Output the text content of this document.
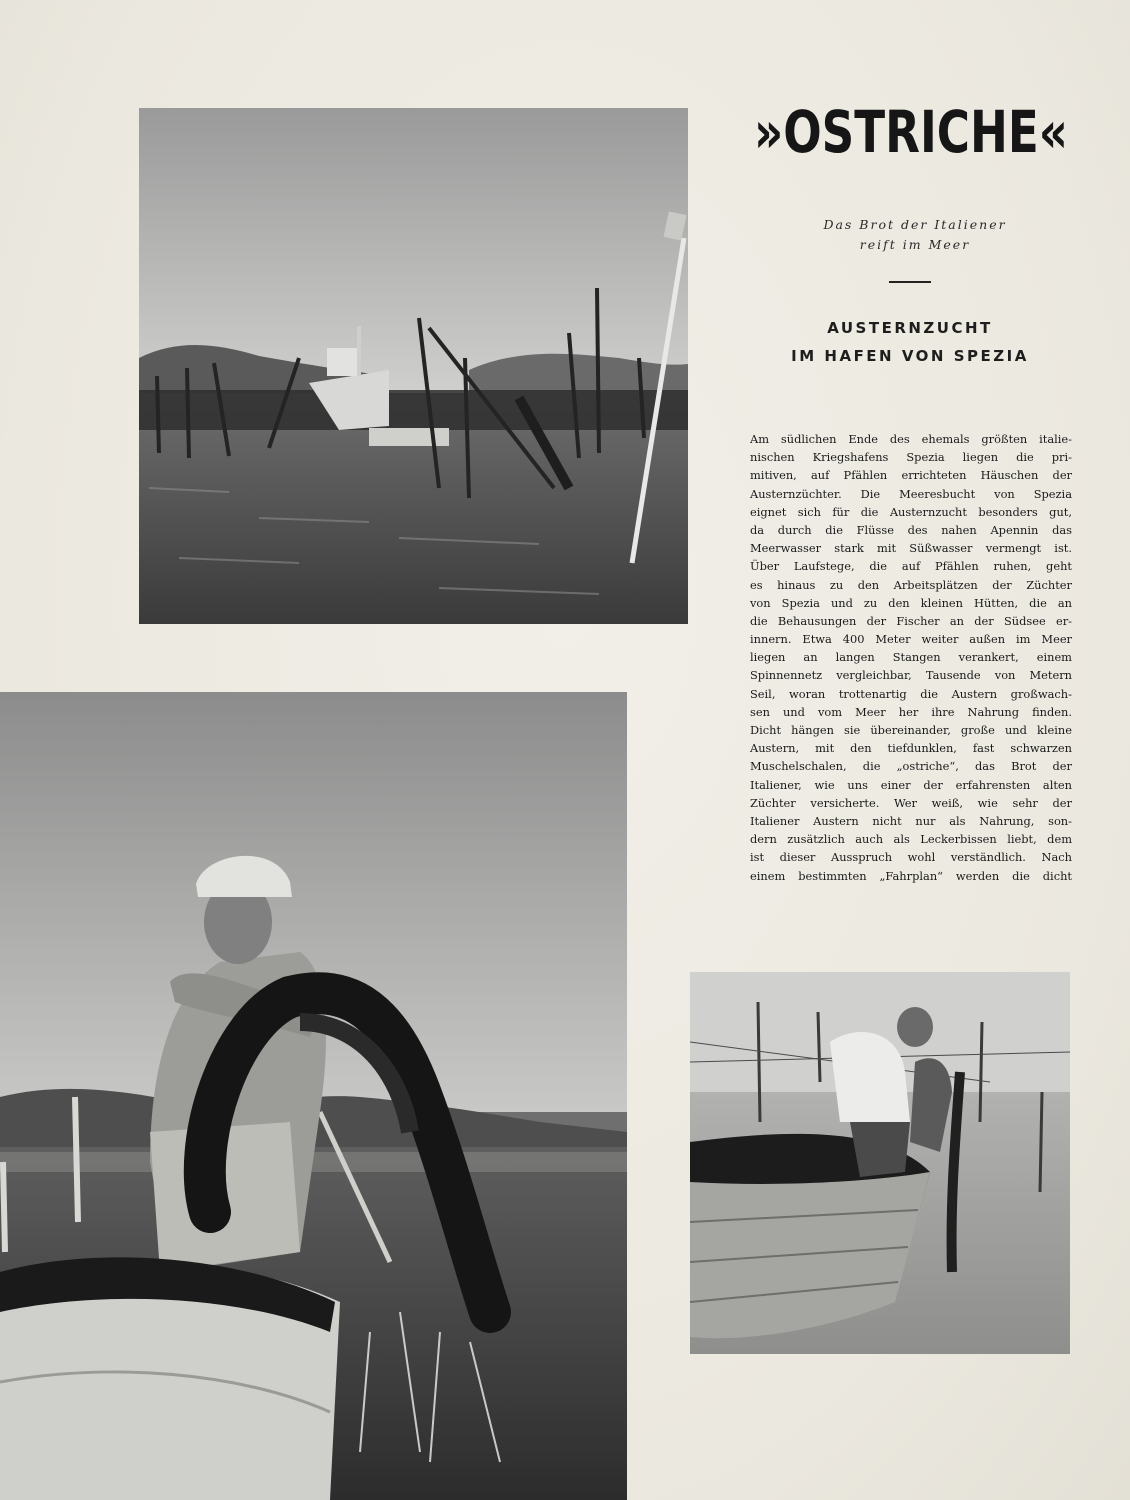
»OSTRICHE«
Das Brot der Italiener
reift im Meer
AUSTERNZUCHT
IM HAFEN VON SPEZIA
Am südlichen Ende des ehemals größten italie-
nischen Kriegshafens Spezia liegen die pri-
mitiven, auf Pfählen errichteten Häuschen der
Austernzüchter. Die Meeresbucht von Spezia
eignet sich für die Austernzucht besonders gut,
da durch die Flüsse des nahen Apennin das
Meerwasser stark mit Süßwasser vermengt ist.
Über Laufstege, die auf Pfählen ruhen, geht
es hinaus zu den Arbeitsplätzen der Züchter
von Spezia und zu den kleinen Hütten, die an
die Behausungen der Fischer an der Südsee er-
innern. Etwa 400 Meter weiter außen im Meer
liegen an langen Stangen verankert, einem
Spinnennetz vergleichbar, Tausende von Metern
Seil, woran trottenartig die Austern großwach-
sen und vom Meer her ihre Nahrung finden.
Dicht hängen sie übereinander, große und kleine
Austern, mit den tiefdunklen, fast schwarzen
Muschelschalen, die „ostriche“, das Brot der
Italiener, wie uns einer der erfahrensten alten
Züchter versicherte. Wer weiß, wie sehr der
Italiener Austern nicht nur als Nahrung, son-
dern zusätzlich auch als Leckerbissen liebt, dem
ist dieser Ausspruch wohl verständlich. Nach
einem bestimmten „Fahrplan“ werden die dicht
